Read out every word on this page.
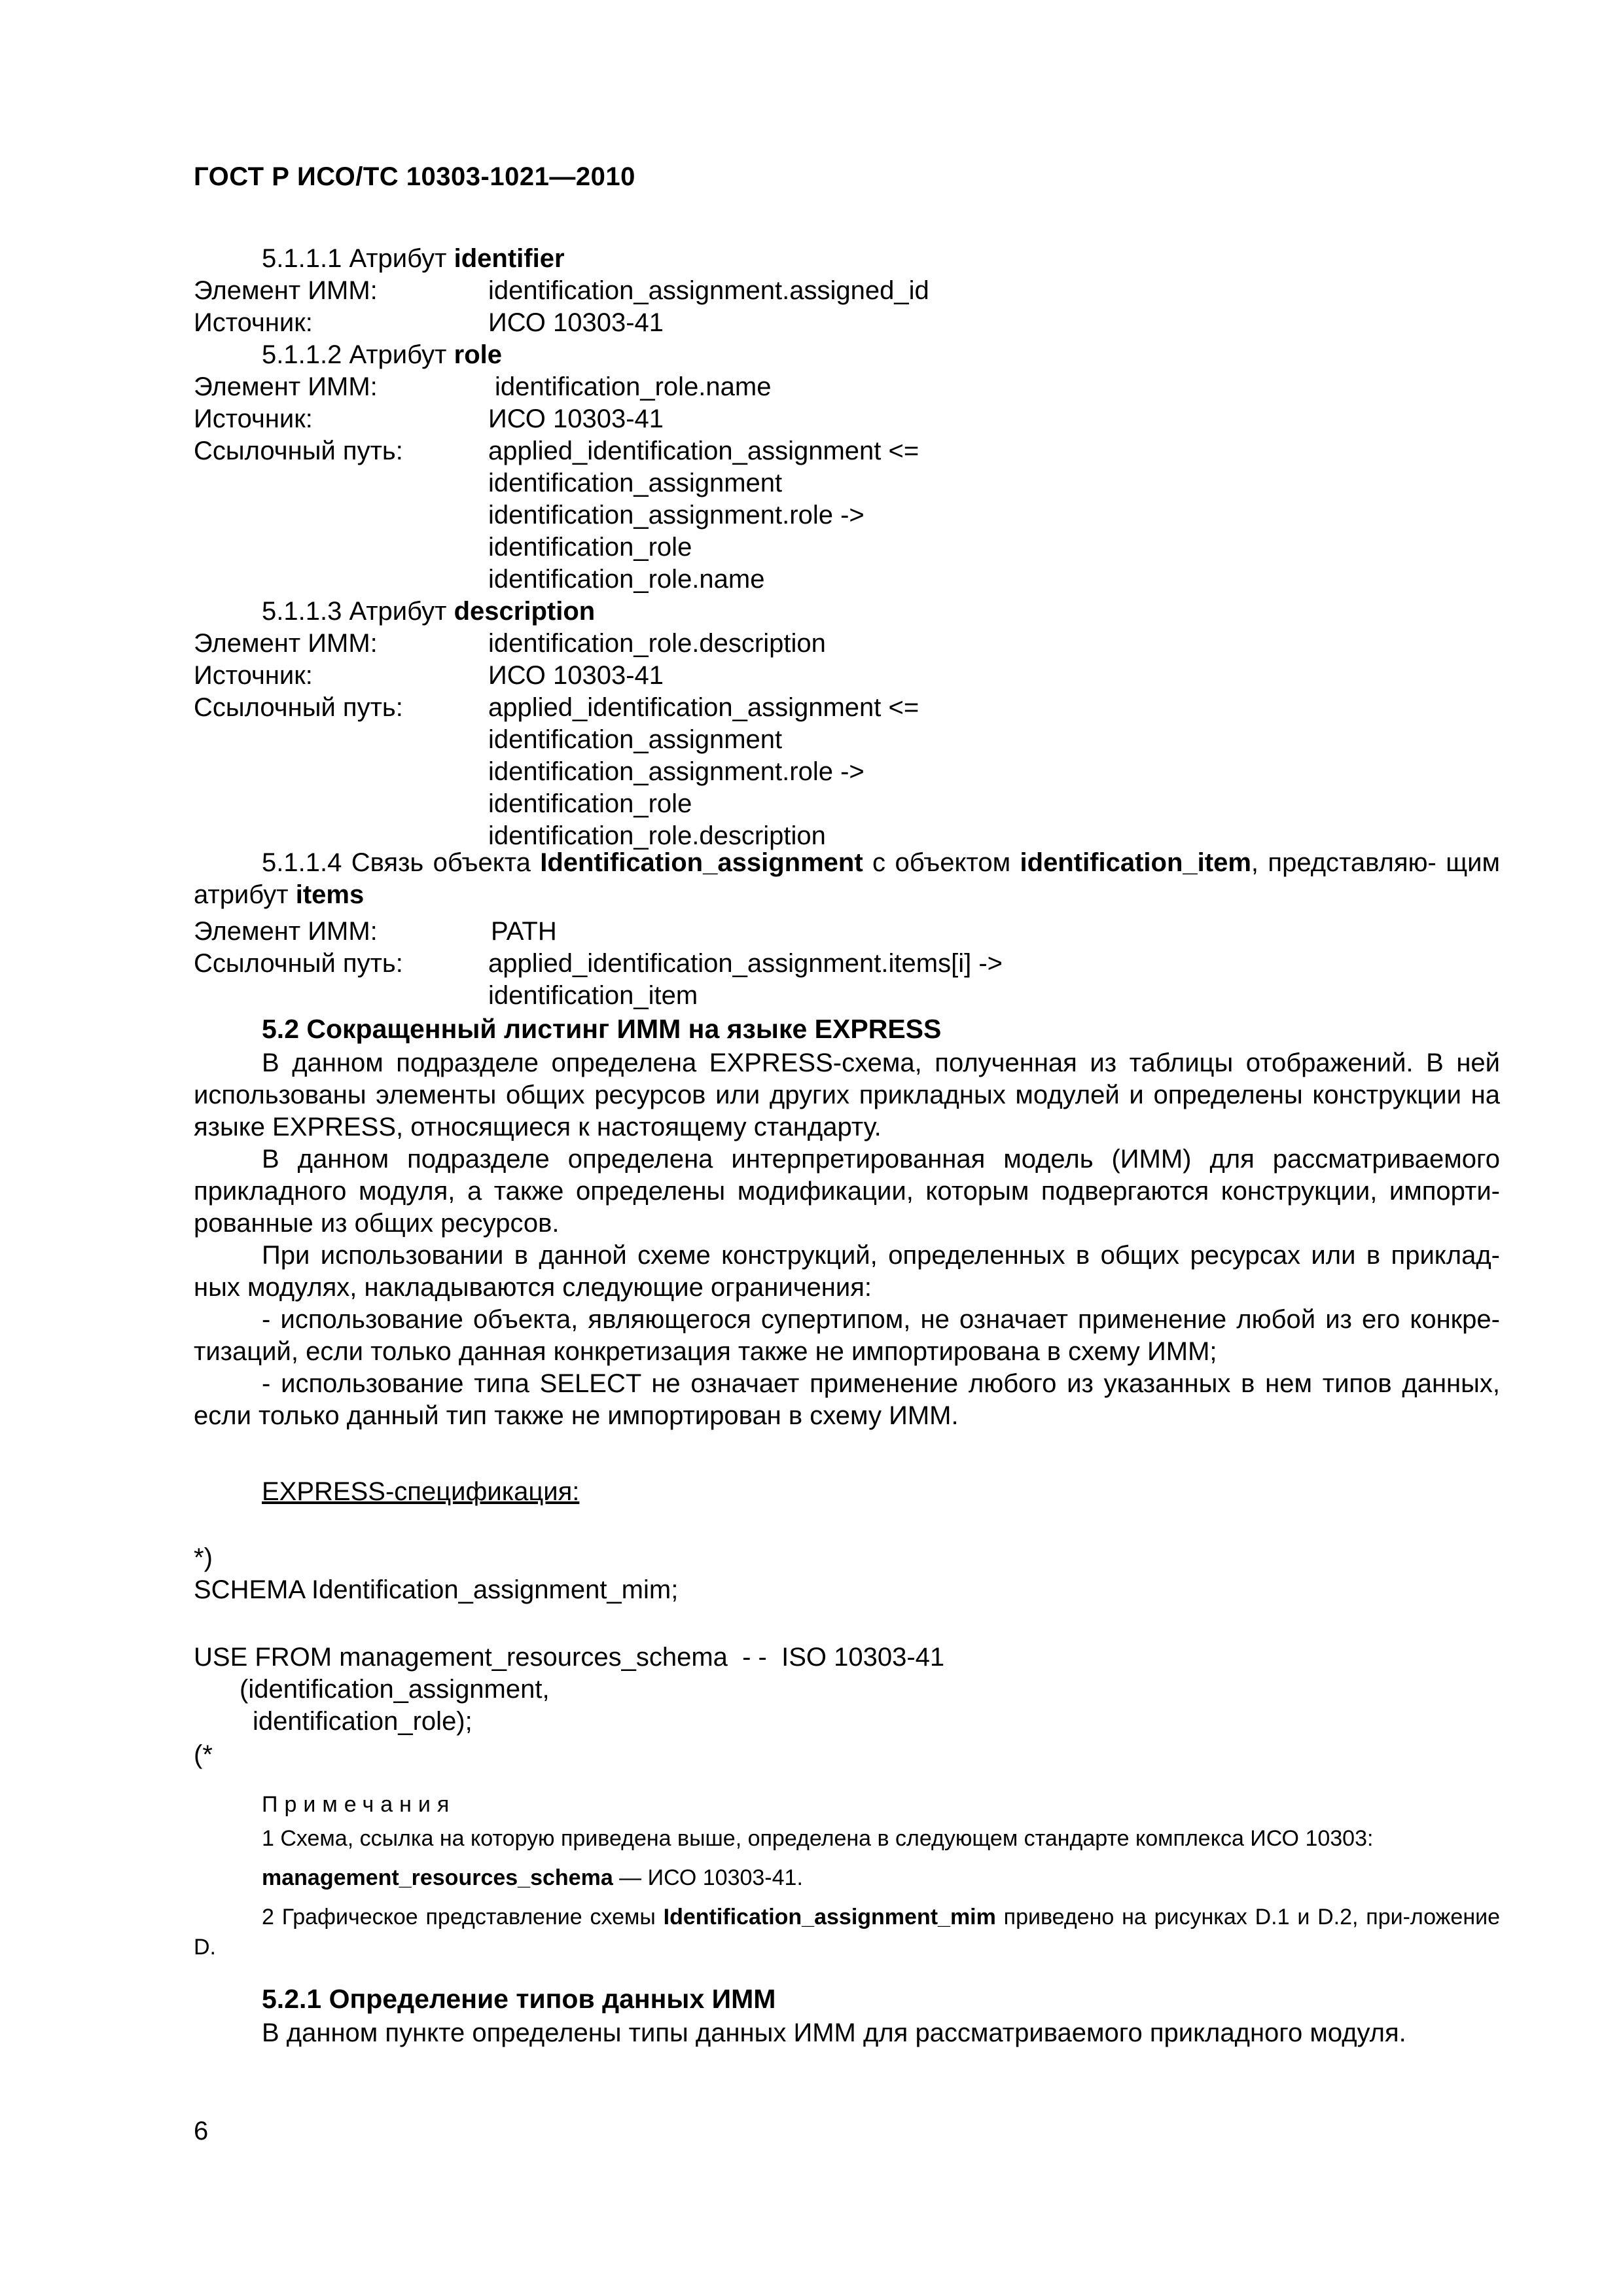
ГОСТ Р ИСО/ТС 10303-1021—2010
5.1.1.1 Атрибут identifier
Элемент ИММ:	identification_assignment.assigned_id
Источник:	ИСО 10303-41
5.1.1.2 Атрибут role
Элемент ИММ:	identification_role.name
Источник:	ИСО 10303-41
Ссылочный путь:	applied_identification_assignment <=
identification_assignment
identification_assignment.role ->
identification_role
identification_role.name
5.1.1.3 Атрибут description
Элемент ИММ:	identification_role.description
Источник:	ИСО 10303-41
Ссылочный путь:	applied_identification_assignment <=
identification_assignment
identification_assignment.role ->
identification_role
identification_role.description
5.1.1.4 Связь объекта Identification_assignment с объектом identification_item, представляю- щим атрибут items
Элемент ИММ:	PATH
Ссылочный путь:	applied_identification_assignment.items[i] ->
identification_item
5.2 Сокращенный листинг ИММ на языке EXPRESS
В данном подразделе определена EXPRESS-схема, полученная из таблицы отображений. В ней использованы элементы общих ресурсов или других прикладных модулей и определены конструкции на языке EXPRESS, относящиеся к настоящему стандарту.
В данном подразделе определена интерпретированная модель (ИММ) для рассматриваемого прикладного модуля, а также определены модификации, которым подвергаются конструкции, импорти-рованные из общих ресурсов.
При использовании в данной схеме конструкций, определенных в общих ресурсах или в приклад-ных модулях, накладываются следующие ограничения:
- использование объекта, являющегося супертипом, не означает применение любой из его конкре-тизаций, если только данная конкретизация также не импортирована в схему ИММ;
- использование типа SELECT не означает применение любого из указанных в нем типов данных, если только данный тип также не импортирован в схему ИММ.
EXPRESS-спецификация:
*)
SCHEMA Identification_assignment_mim;
USE FROM management_resources_schema  - -  ISO 10303-41
(identification_assignment,
identification_role);
(*
Примечания
1 Схема, ссылка на которую приведена выше, определена в следующем стандарте комплекса ИСО 10303:
management_resources_schema — ИСО 10303-41.
2 Графическое представление схемы Identification_assignment_mim приведено на рисунках D.1 и D.2, при-ложение D.
5.2.1 Определение типов данных ИММ
В данном пункте определены типы данных ИММ для рассматриваемого прикладного модуля.
6
